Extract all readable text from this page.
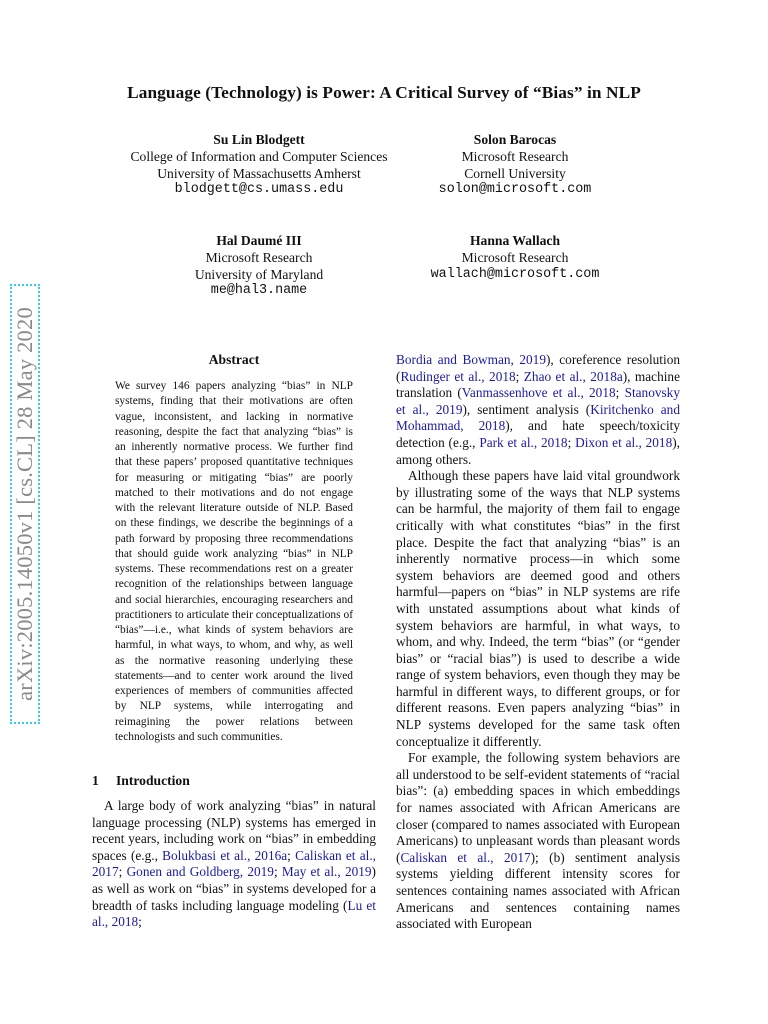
Language (Technology) is Power: A Critical Survey of “Bias” in NLP
Su Lin Blodgett
College of Information and Computer Sciences
University of Massachusetts Amherst
blodgett@cs.umass.edu
Solon Barocas
Microsoft Research
Cornell University
solon@microsoft.com
Hal Daumé III
Microsoft Research
University of Maryland
me@hal3.name
Hanna Wallach
Microsoft Research
wallach@microsoft.com
arXiv:2005.14050v1 [cs.CL] 28 May 2020	Abstract
We survey 146 papers analyzing “bias” in NLP systems, finding that their motivations are often vague, inconsistent, and lacking in normative reasoning, despite the fact that analyzing “bias” is an inherently normative process. We further find that these papers’ proposed quantitative techniques for measuring or mitigating “bias” are poorly matched to their motivations and do not engage with the relevant literature outside of NLP. Based on these findings, we describe the beginnings of a path forward by proposing three recommendations that should guide work analyzing “bias” in NLP systems. These recommendations rest on a greater recognition of the relationships between language and social hierarchies, encouraging researchers and practitioners to articulate their conceptualizations of “bias”—i.e., what kinds of system behaviors are harmful, in what ways, to whom, and why, as well as the normative reasoning underlying these statements—and to center work around the lived experiences of members of communities affected by NLP systems, while interrogating and reimagining the power relations between technologists and such communities.
1 Introduction

A large body of work analyzing “bias” in natural language processing (NLP) systems has emerged in recent years, including work on “bias” in embedding spaces (e.g., Bolukbasi et al., 2016a; Caliskan et al., 2017; Gonen and Goldberg, 2019; May et al., 2019) as well as work on “bias” in systems developed for a breadth of tasks including language modeling (Lu et al., 2018;

Bordia and Bowman, 2019), coreference resolution (Rudinger et al., 2018; Zhao et al., 2018a), machine translation (Vanmassenhove et al., 2018; Stanovsky et al., 2019), sentiment analysis (Kiritchenko and Mohammad, 2018), and hate speech/toxicity detection (e.g., Park et al., 2018; Dixon et al., 2018), among others.

Although these papers have laid vital groundwork by illustrating some of the ways that NLP systems can be harmful, the majority of them fail to engage critically with what constitutes “bias” in the first place. Despite the fact that analyzing “bias” is an inherently normative process—in which some system behaviors are deemed good and others harmful—papers on “bias” in NLP systems are rife with unstated assumptions about what kinds of system behaviors are harmful, in what ways, to whom, and why. Indeed, the term “bias” (or “gender bias” or “racial bias”) is used to describe a wide range of system behaviors, even though they may be harmful in different ways, to different groups, or for different reasons. Even papers analyzing “bias” in NLP systems developed for the same task often conceptualize it differently.

For example, the following system behaviors are all understood to be self-evident statements of “racial bias”: (a) embedding spaces in which embeddings for names associated with African Americans are closer (compared to names associated with European Americans) to unpleasant words than pleasant words (Caliskan et al., 2017); (b) sentiment analysis systems yielding different intensity scores for sentences containing names associated with African Americans and sentences containing names associated with European
